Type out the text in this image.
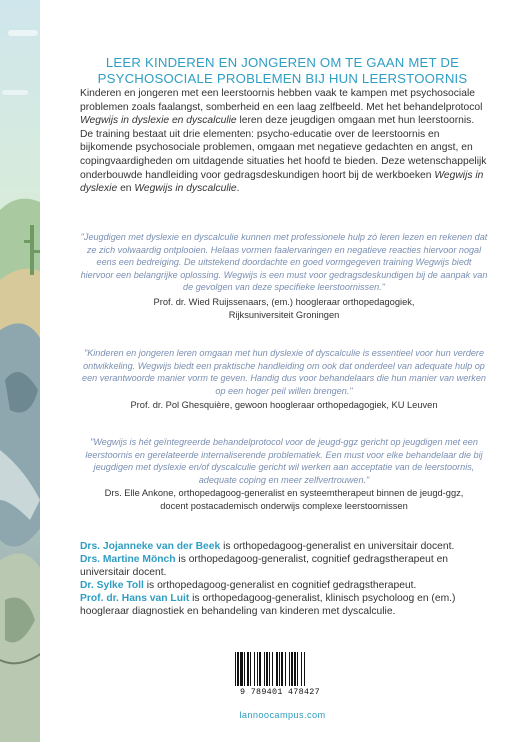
LEER KINDEREN EN JONGEREN OM TE GAAN MET DE
PSYCHOSOCIALE PROBLEMEN BIJ HUN LEERSTOORNIS

Kinderen en jongeren met een leerstoornis hebben vaak te kampen met psychosociale problemen zoals faalangst, somberheid en een laag zelfbeeld. Met het behandelprotocol Wegwijs in dyslexie en dyscalculie leren deze jeugdigen omgaan met hun leerstoornis. De training bestaat uit drie elementen: psycho-educatie over de leerstoornis en bijkomende psychosociale problemen, omgaan met negatieve gedachten en angst, en copingvaardigheden om uitdagende situaties het hoofd te bieden. Deze wetenschappelijk onderbouwde handleiding voor gedragsdeskundigen hoort bij de werkboeken Wegwijs in dyslexie en Wegwijs in dyscalculie.

"Jeugdigen met dyslexie en dyscalculie kunnen met professionele hulp zó leren lezen en rekenen dat ze zich volwaardig ontplooien. Helaas vormen faalervaringen en negatieve reacties hiervoor nogal eens een bedreiging. De uitstekend doordachte en goed vormgegeven training Wegwijs biedt hiervoor een belangrijke oplossing. Wegwijs is een must voor gedragsdeskundigen bij de aanpak van de gevolgen van deze specifieke leerstoornissen."

Prof. dr. Wied Ruijssenaars, (em.) hoogleraar orthopedagogiek,
Rijksuniversiteit Groningen

"Kinderen en jongeren leren omgaan met hun dyslexie of dyscalculie is essentieel voor hun verdere ontwikkeling. Wegwijs biedt een praktische handleiding om ook dat onderdeel van adequate hulp op een verantwoorde manier vorm te geven. Handig dus voor behandelaars die hun manier van werken op een hoger peil willen brengen."

Prof. dr. Pol Ghesquière, gewoon hoogleraar orthopedagogiek, KU Leuven

"Wegwijs is hét geïntegreerde behandelprotocol voor de jeugd-ggz gericht op jeugdigen met een leerstoornis en gerelateerde internaliserende problematiek. Een must voor elke behandelaar die bij jeugdigen met dyslexie en/of dyscalculie gericht wil werken aan acceptatie van de leerstoornis, adequate coping en meer zelfvertrouwen."

Drs. Elle Ankone, orthopedagoog-generalist en systeemtherapeut binnen de jeugd-ggz,
docent postacademisch onderwijs complexe leerstoornissen
Drs. Jojanneke van der Beek is orthopedagoog-generalist en universitair docent.
Drs. Martine Mönch is orthopedagoog-generalist, cognitief gedragstherapeut en universitair docent.
Dr. Sylke Toll is orthopedagoog-generalist en cognitief gedragstherapeut.
Prof. dr. Hans van Luit is orthopedagoog-generalist, klinisch psycholoog en (em.) hoogleraar diagnostiek en behandeling van kinderen met dyscalculie.
9 789401 478427
lannoocampus.com
